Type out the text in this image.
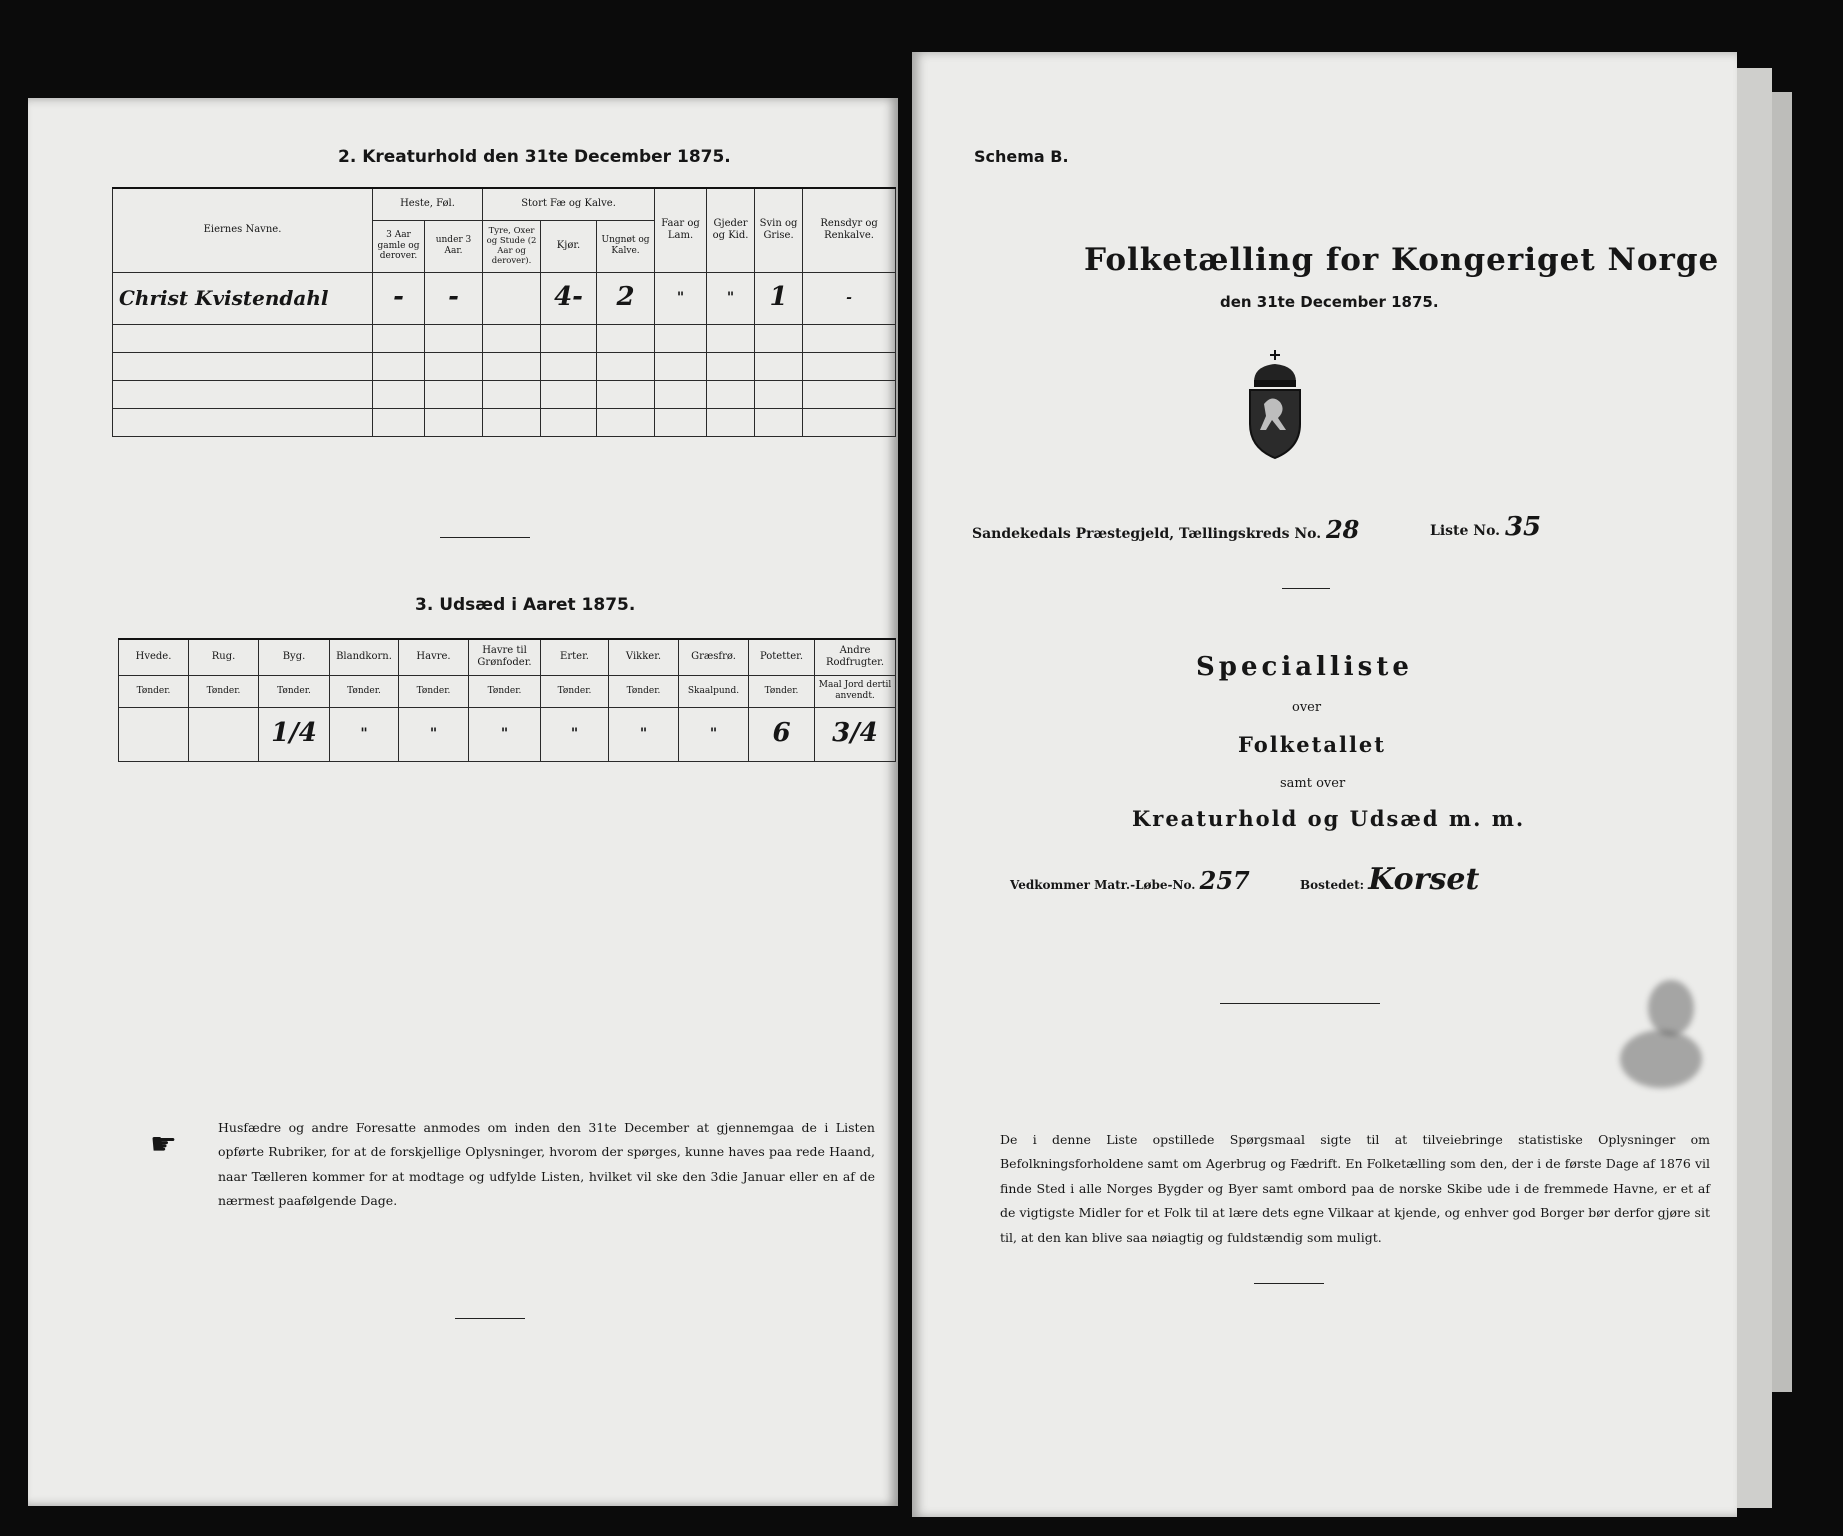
2. Kreaturhold den 31te December 1875.
Eiernes Navne.	Heste, Føl.		Stort Fæ og Kalve.			Faar og Lam.	Gjeder og Kid.	Svin og Grise.	Rensdyr og Renkalve.
	3 Aar gamle og derover.	under 3 Aar.	Tyre, Oxer og Stude (2 Aar og derover).	Kjør.	Ungnøt og Kalve.				
Christ Kvistendahl	-	-		4-	2	"	"	1	-

3. Udsæd i Aaret 1875.
Hvede.	Rug.	Byg.	Blandkorn.	Havre.	Havre til Grønfoder.	Erter.	Vikker.	Græsfrø.	Potetter.	Andre Rodfrugter.
Tønder.	Tønder.	Tønder.	Tønder.	Tønder.	Tønder.	Tønder.	Tønder.	Skaalpund.	Tønder.	Maal Jord dertil anvendt.
		1/4	"	"	"	"	"	"	6	3/4
☛	Husfædre og andre Foresatte anmodes om inden den 31te December at gjennemgaa de i Listen opførte Rubriker, for at de forskjellige Oplysninger, hvorom der spørges, kunne haves paa rede Haand, naar Tælleren kommer for at modtage og udfylde Listen, hvilket vil ske den 3die Januar eller en af de nærmest paafølgende Dage.
Schema B.
Folketælling for Kongeriget Norge
den 31te December 1875.
Sandekedals Præstegjeld, Tællingskreds No. 28	Liste No. 35
Specialliste
over
Folketallet
samt over
Kreaturhold og Udsæd m. m.
Vedkommer Matr.-Løbe-No. 257	Bostedet: Korset
De i denne Liste opstillede Spørgsmaal sigte til at tilveiebringe statistiske Oplysninger om Befolkningsforholdene samt om Agerbrug og Fædrift. En Folketælling som den, der i de første Dage af 1876 vil finde Sted i alle Norges Bygder og Byer samt ombord paa de norske Skibe ude i de fremmede Havne, er et af de vigtigste Midler for et Folk til at lære dets egne Vilkaar at kjende, og enhver god Borger bør derfor gjøre sit til, at den kan blive saa nøiagtig og fuldstændig som muligt.
